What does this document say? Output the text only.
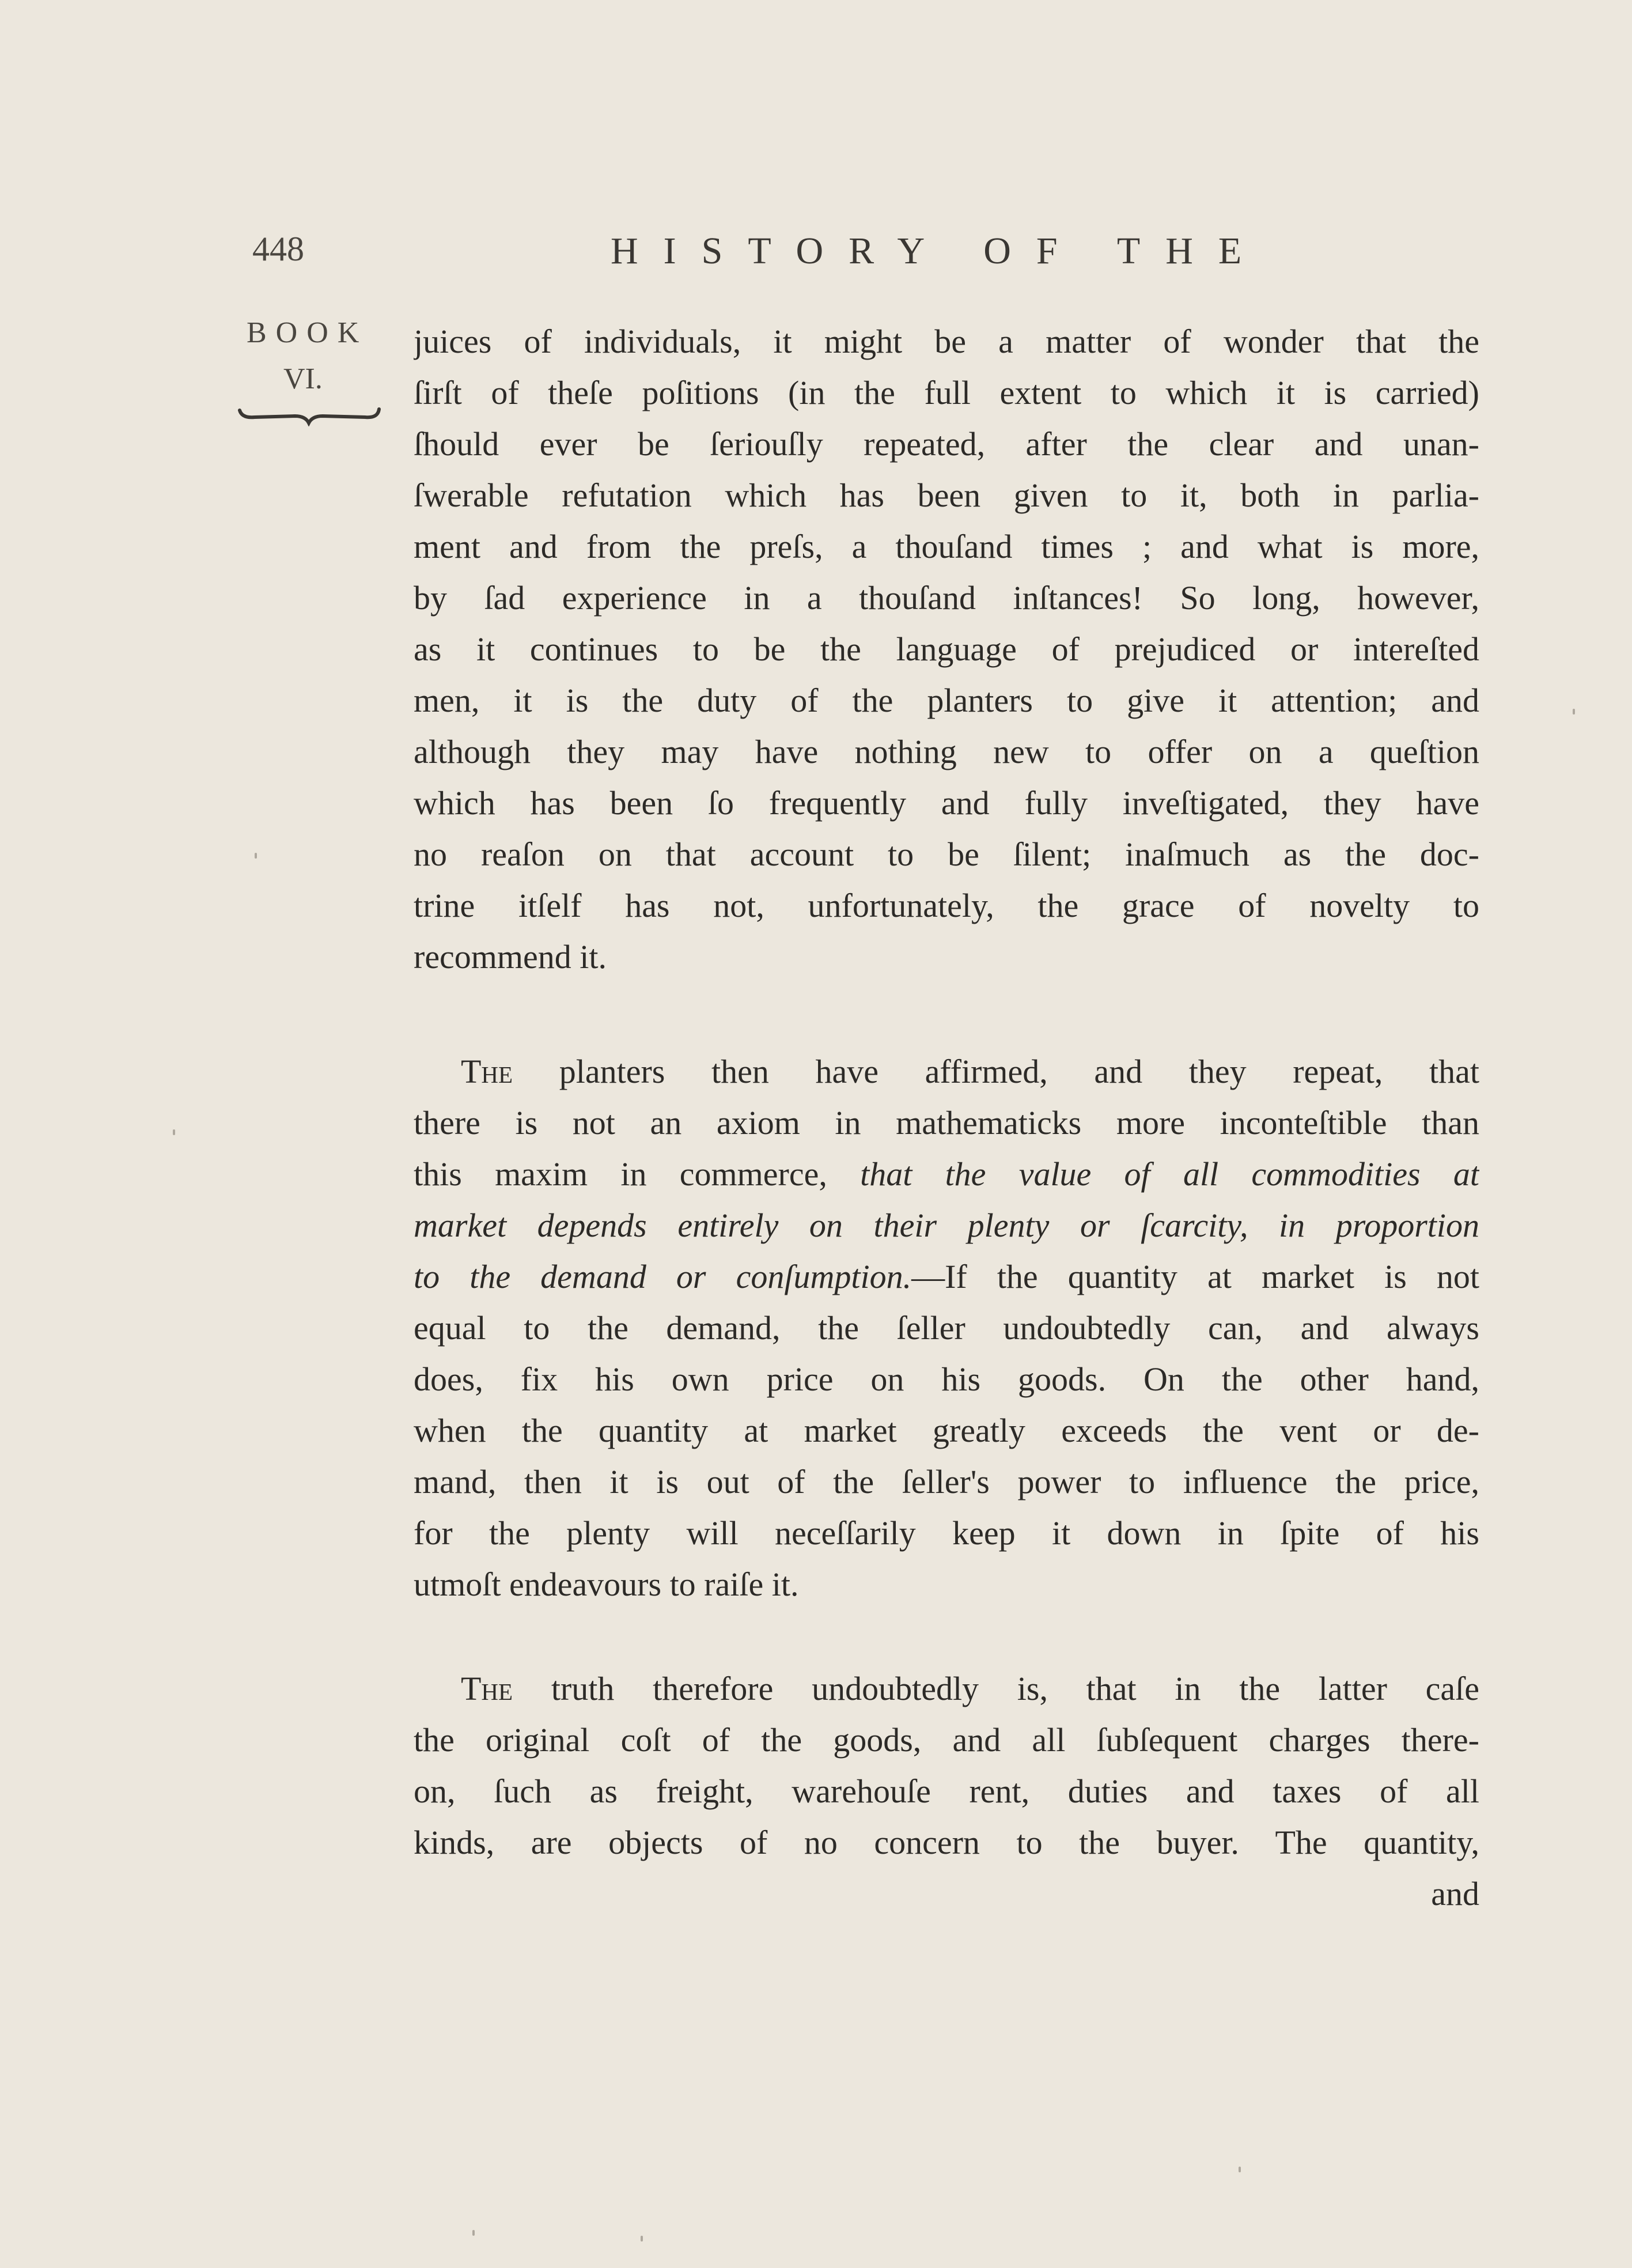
448	HISTORY OF THE
BOOK
VI.
juices of individuals, it might be a matter of wonder that the
ſirſt of theſe poſitions (in the full extent to which it is carried)
ſhould ever be ſeriouſly repeated, after the clear and unan-
ſwerable refutation which has been given to it, both in parlia-
ment and from the preſs, a thouſand times ; and what is more,
by ſad experience in a thouſand inſtances! So long, however,
as it continues to be the language of prejudiced or intereſted
men, it is the duty of the planters to give it attention; and
although they may have nothing new to offer on a queſtion
which has been ſo frequently and fully inveſtigated, they have
no reaſon on that account to be ſilent; inaſmuch as the doc-
trine itſelf has not, unfortunately, the grace of novelty to
recommend it.
The planters then have affirmed, and they repeat, that
there is not an axiom in mathematicks more inconteſtible than
this maxim in commerce, that the value of all commodities at
market depends entirely on their plenty or ſcarcity, in proportion
to the demand or conſumption.—If the quantity at market is not
equal to the demand, the ſeller undoubtedly can, and always
does, fix his own price on his goods. On the other hand,
when the quantity at market greatly exceeds the vent or de-
mand, then it is out of the ſeller's power to influence the price,
for the plenty will neceſſarily keep it down in ſpite of his
utmoſt endeavours to raiſe it.
The truth therefore undoubtedly is, that in the latter caſe
the original coſt of the goods, and all ſubſequent charges there-
on, ſuch as freight, warehouſe rent, duties and taxes of all
kinds, are objects of no concern to the buyer. The quantity,
and
